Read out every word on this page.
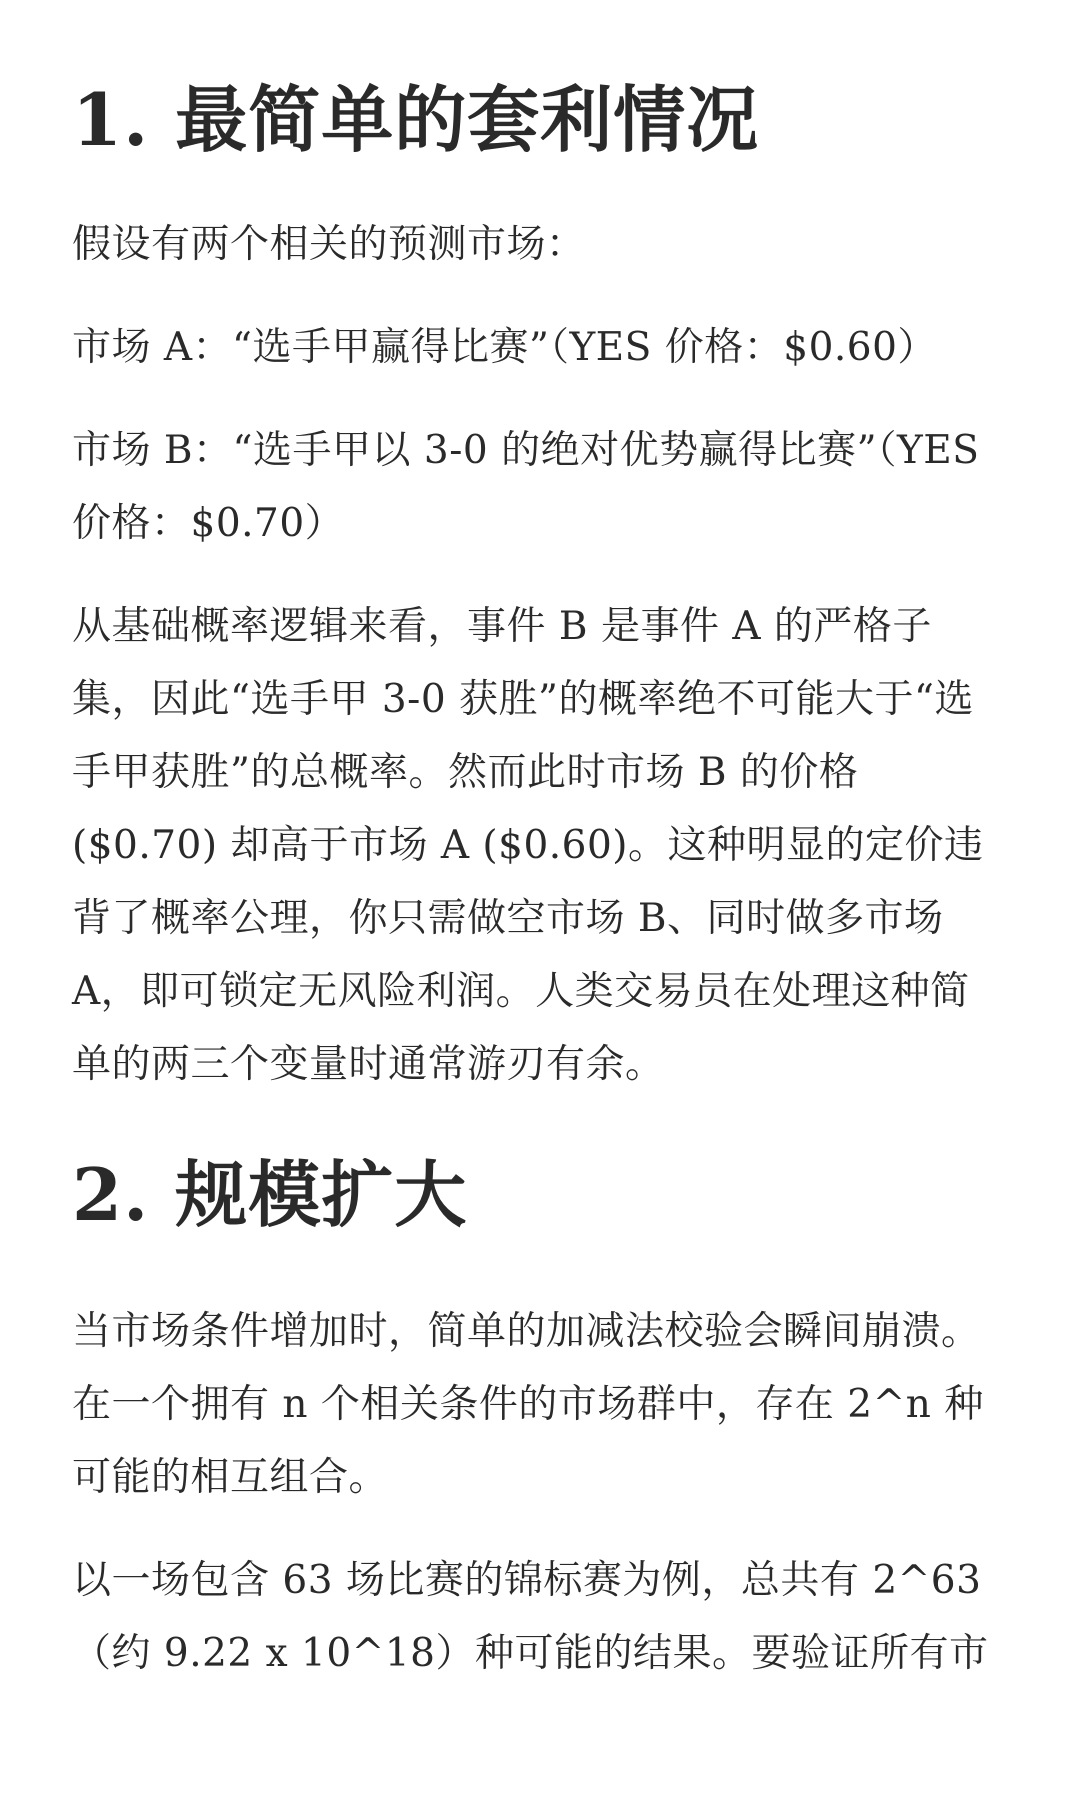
1. 最简单的套利情况

假设有两个相关的预测市场：

市场 A：“选手甲赢得比赛”（YES 价格：$0.60）

市场 B：“选手甲以 3-0 的绝对优势赢得比赛”（YES 价格：$0.70）

从基础概率逻辑来看，事件 B 是事件 A 的严格子集，因此“选手甲 3-0 获胜”的概率绝不可能大于“选手甲获胜”的总概率。然而此时市场 B 的价格 ($0.70) 却高于市场 A ($0.60)。这种明显的定价违背了概率公理，你只需做空市场 B、同时做多市场 A，即可锁定无风险利润。人类交易员在处理这种简单的两三个变量时通常游刃有余。

2. 规模扩大

当市场条件增加时，简单的加减法校验会瞬间崩溃。在一个拥有 n 个相关条件的市场群中，存在 2^n 种可能的相互组合。

以一场包含 63 场比赛的锦标赛为例，总共有 2^63（约 9.22 x 10^18）种可能的结果。要验证所有市
